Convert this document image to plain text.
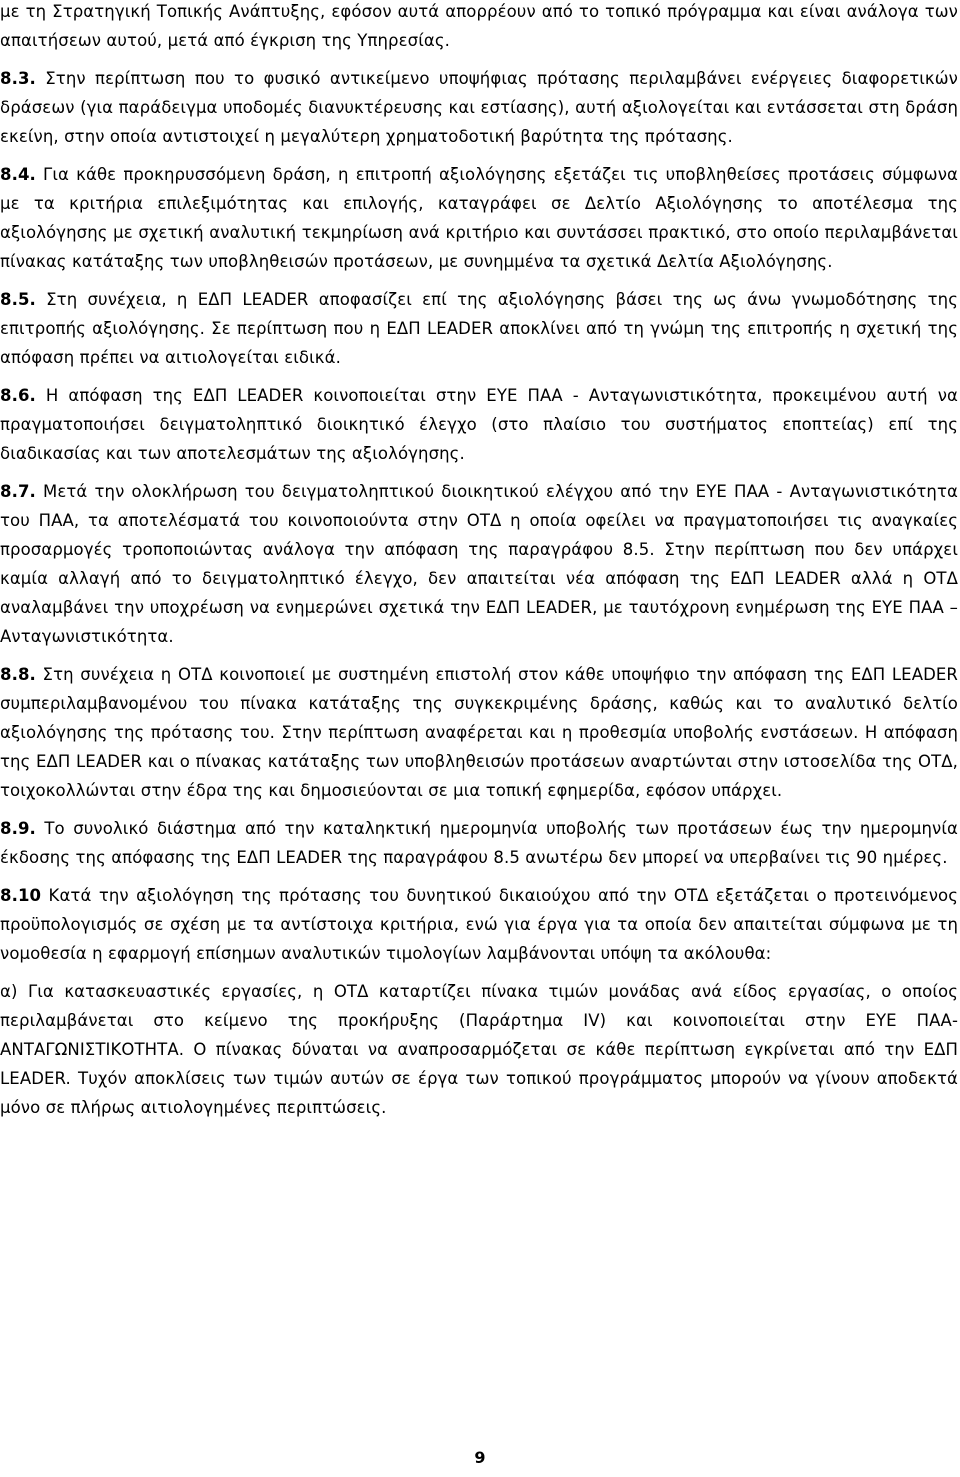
με τη Στρατηγική Τοπικής Ανάπτυξης, εφόσον αυτά απορρέουν από το τοπικό πρόγραμμα και είναι ανάλογα των απαιτήσεων αυτού, μετά από έγκριση της Υπηρεσίας.

8.3. Στην περίπτωση που το φυσικό αντικείμενο υποψήφιας πρότασης περιλαμβάνει ενέργειες διαφορετικών δράσεων (για παράδειγμα υποδομές διανυκτέρευσης και εστίασης), αυτή αξιολογείται και εντάσσεται στη δράση εκείνη, στην οποία αντιστοιχεί η μεγαλύτερη χρηματοδοτική βαρύτητα της πρότασης.

8.4. Για κάθε προκηρυσσόμενη δράση, η επιτροπή αξιολόγησης εξετάζει τις υποβληθείσες προτάσεις σύμφωνα με τα κριτήρια επιλεξιμότητας και επιλογής, καταγράφει σε Δελτίο Αξιολόγησης το αποτέλεσμα της αξιολόγησης με σχετική αναλυτική τεκμηρίωση ανά κριτήριο και συντάσσει πρακτικό, στο οποίο περιλαμβάνεται πίνακας κατάταξης των υποβληθεισών προτάσεων, με συνημμένα τα σχετικά Δελτία Αξιολόγησης.

8.5. Στη συνέχεια, η ΕΔΠ LEADER αποφασίζει επί της αξιολόγησης βάσει της ως άνω γνωμοδότησης της επιτροπής αξιολόγησης. Σε περίπτωση που η ΕΔΠ LEADER αποκλίνει από τη γνώμη της επιτροπής η σχετική της απόφαση πρέπει να αιτιολογείται ειδικά.

8.6. Η απόφαση της ΕΔΠ LEADER κοινοποιείται στην ΕΥΕ ΠΑΑ - Ανταγωνιστικότητα, προκειμένου αυτή να πραγματοποιήσει δειγματοληπτικό διοικητικό έλεγχο (στο πλαίσιο του συστήματος εποπτείας) επί της διαδικασίας και των αποτελεσμάτων της αξιολόγησης.

8.7. Μετά την ολοκλήρωση του δειγματοληπτικού διοικητικού ελέγχου από την ΕΥΕ ΠΑΑ - Ανταγωνιστικότητα του ΠΑΑ, τα αποτελέσματά του κοινοποιούντα στην ΟΤΔ η οποία οφείλει να πραγματοποιήσει τις αναγκαίες προσαρμογές τροποποιώντας ανάλογα την απόφαση της παραγράφου 8.5. Στην περίπτωση που δεν υπάρχει καμία αλλαγή από το δειγματοληπτικό έλεγχο, δεν απαιτείται νέα απόφαση της ΕΔΠ LEADER αλλά η ΟΤΔ αναλαμβάνει την υποχρέωση να ενημερώνει σχετικά την ΕΔΠ LEADER, με ταυτόχρονη ενημέρωση της ΕΥΕ ΠΑΑ – Ανταγωνιστικότητα.

8.8. Στη συνέχεια η ΟΤΔ κοινοποιεί με συστημένη επιστολή στον κάθε υποψήφιο την απόφαση της ΕΔΠ LEADER συμπεριλαμβανομένου του πίνακα κατάταξης της συγκεκριμένης δράσης, καθώς και το αναλυτικό δελτίο αξιολόγησης της πρότασης του. Στην περίπτωση αναφέρεται και η προθεσμία υποβολής ενστάσεων. Η απόφαση της ΕΔΠ LEADER και ο πίνακας κατάταξης των υποβληθεισών προτάσεων αναρτώνται στην ιστοσελίδα της ΟΤΔ, τοιχοκολλώνται στην έδρα της και δημοσιεύονται σε μια τοπική εφημερίδα, εφόσον υπάρχει.

8.9. Το συνολικό διάστημα από την καταληκτική ημερομηνία υποβολής των προτάσεων έως την ημερομηνία έκδοσης της απόφασης της ΕΔΠ LEADER της παραγράφου 8.5 ανωτέρω δεν μπορεί να υπερβαίνει τις 90 ημέρες.

8.10 Κατά την αξιολόγηση της πρότασης του δυνητικού δικαιούχου από την ΟΤΔ εξετάζεται ο προτεινόμενος προϋπολογισμός σε σχέση με τα αντίστοιχα κριτήρια, ενώ για έργα για τα οποία δεν απαιτείται σύμφωνα με τη νομοθεσία η εφαρμογή επίσημων αναλυτικών τιμολογίων λαμβάνονται υπόψη τα ακόλουθα:

α) Για κατασκευαστικές εργασίες, η ΟΤΔ καταρτίζει πίνακα τιμών μονάδας ανά είδος εργασίας, ο οποίος περιλαμβάνεται στο κείμενο της προκήρυξης (Παράρτημα IV) και κοινοποιείται στην ΕΥΕ ΠΑΑ-ΑΝΤΑΓΩΝΙΣΤΙΚΟΤΗΤΑ. Ο πίνακας δύναται να αναπροσαρμόζεται σε κάθε περίπτωση εγκρίνεται από την ΕΔΠ LEADER. Τυχόν αποκλίσεις των τιμών αυτών σε έργα των τοπικού προγράμματος μπορούν να γίνουν αποδεκτά μόνο σε πλήρως αιτιολογημένες περιπτώσεις.

9
